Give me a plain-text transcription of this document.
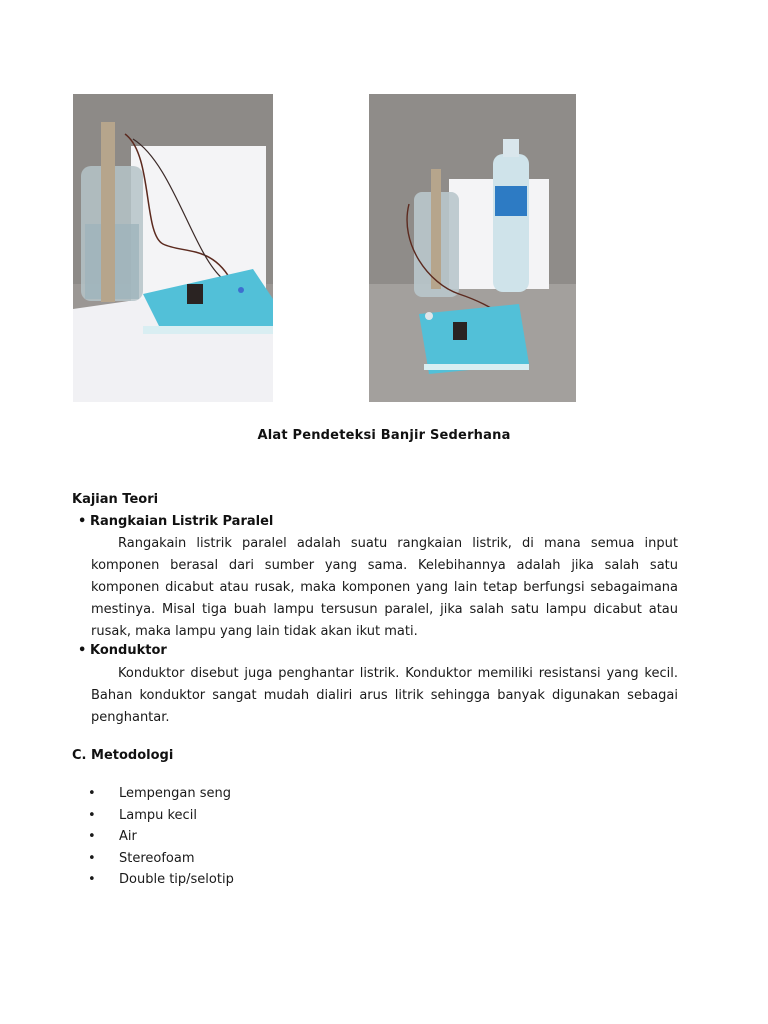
Alat Pendeteksi Banjir Sederhana
Kajian Teori
• Rangkaian Listrik Paralel

Rangakain listrik paralel adalah suatu rangkaian listrik, di mana semua input komponen berasal dari sumber yang sama. Kelebihannya adalah jika salah satu komponen dicabut atau rusak, maka komponen yang lain tetap berfungsi sebagaimana mestinya. Misal tiga buah lampu tersusun paralel, jika salah satu lampu dicabut atau rusak, maka lampu yang lain tidak akan ikut mati.

• Konduktor

Konduktor disebut juga penghantar listrik. Konduktor memiliki resistansi yang kecil. Bahan konduktor sangat mudah dialiri arus litrik sehingga banyak digunakan sebagai penghantar.

C. Metodologi
• Lempengan seng
• Lampu kecil
• Air
• Stereofoam
• Double tip/selotip
